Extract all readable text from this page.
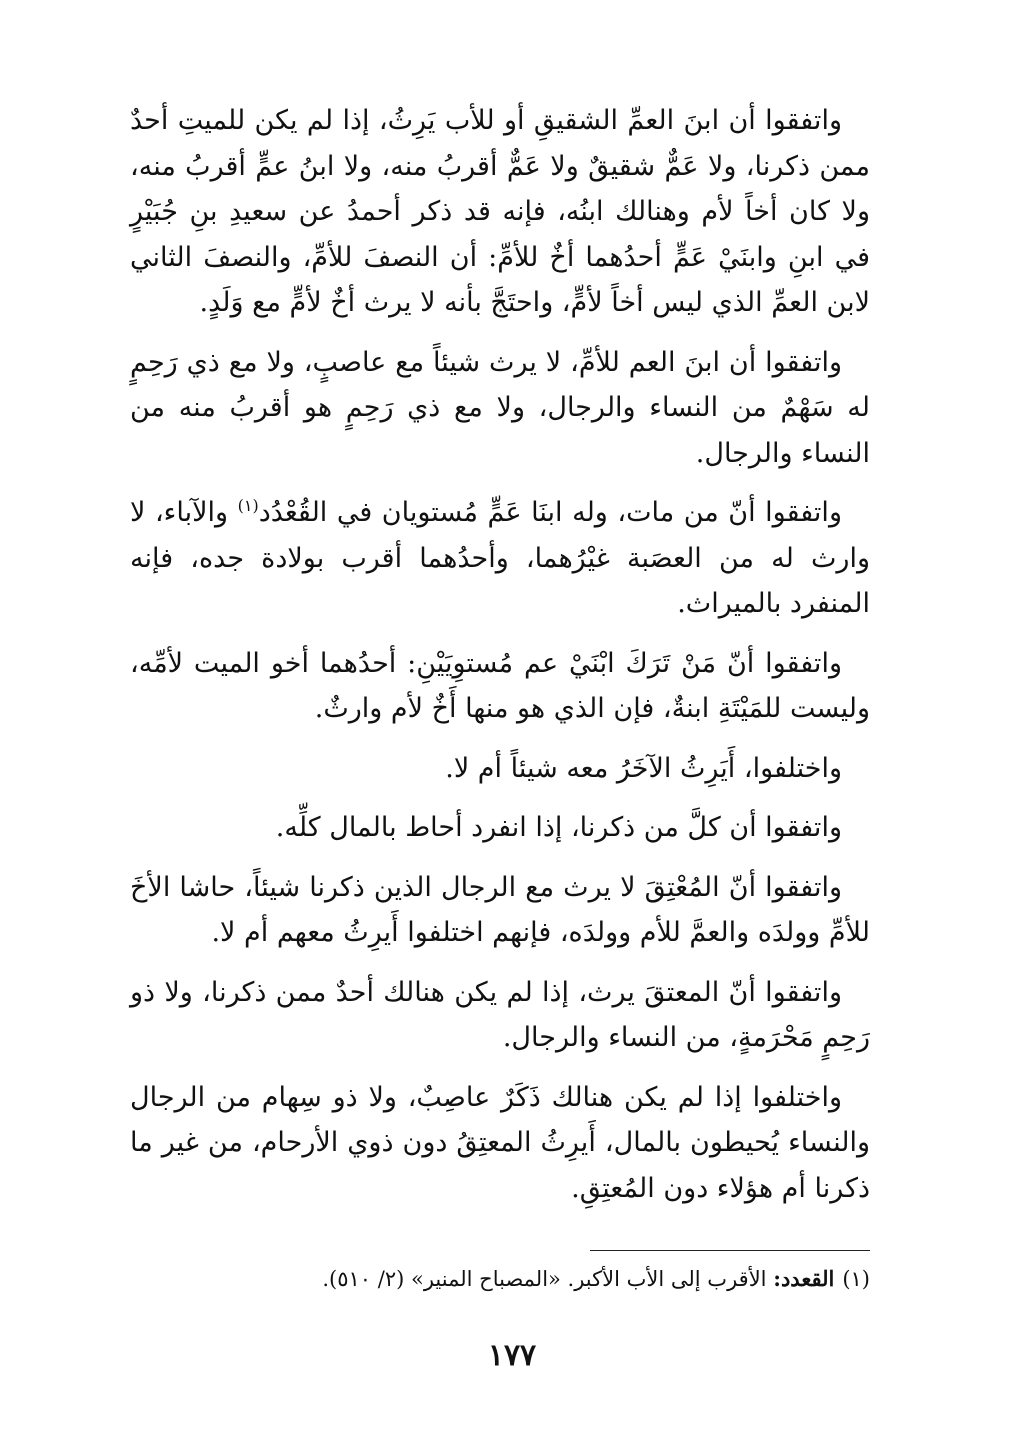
واتفقوا أن ابنَ العمِّ الشقيقِ أو للأب يَرِثُ، إذا لم يكن للميتِ أحدٌ ممن ذكرنا، ولا عَمٌّ شقيقٌ ولا عَمٌّ أقربُ منه، ولا ابنُ عمٍّ أقربُ منه، ولا كان أخاً لأم وهنالك ابنُه، فإنه قد ذكر أحمدُ عن سعيدِ بنِ جُبَيْرٍ في ابنِ وابنَيْ عَمٍّ أحدُهما أخٌ للأمِّ: أن النصفَ للأمِّ، والنصفَ الثاني لابن العمِّ الذي ليس أخاً لأمٍّ، واحتَجَّ بأنه لا يرث أخٌ لأمٍّ مع وَلَدٍ.

واتفقوا أن ابنَ العم للأمِّ، لا يرث شيئاً مع عاصبٍ، ولا مع ذي رَحِمٍ له سَهْمٌ من النساء والرجال، ولا مع ذي رَحِمٍ هو أقربُ منه من النساء والرجال.

واتفقوا أنّ من مات، وله ابنَا عَمٍّ مُستويان في القُعْدُد$^{(١)}$ والآباء، لا وارث له من العصَبة غيْرُهما، وأحدُهما أقرب بولادة جده، فإنه المنفرد بالميراث.

واتفقوا أنّ مَنْ تَرَكَ ابْنَيْ عم مُستوِيَيْنِ: أحدُهما أخو الميت لأمِّه، وليست للمَيْتَةِ ابنةٌ، فإن الذي هو منها أَخٌ لأم وارثٌ.

واختلفوا، أَيَرِثُ الآخَرُ معه شيئاً أم لا.

واتفقوا أن كلَّ من ذكرنا، إذا انفرد أحاط بالمال كلِّه.

واتفقوا أنّ المُعْتِقَ لا يرث مع الرجال الذين ذكرنا شيئاً، حاشا الأخَ للأمِّ وولدَه والعمَّ للأم وولدَه، فإنهم اختلفوا أَيرِثُ معهم أم لا.

واتفقوا أنّ المعتقَ يرث، إذا لم يكن هنالك أحدٌ ممن ذكرنا، ولا ذو رَحِمٍ مَحْرَمةٍ، من النساء والرجال.

واختلفوا إذا لم يكن هنالك ذَكَرٌ عاصِبٌ، ولا ذو سِهام من الرجال والنساء يُحيطون بالمال، أَيرِثُ المعتِقُ دون ذوي الأرحام، من غير ما ذكرنا أم هؤلاء دون المُعتِقِ.

(١)القعدد: الأقرب إلى الأب الأكبر. «المصباح المنير» (٢/ ٥١٠).
١٧٧
